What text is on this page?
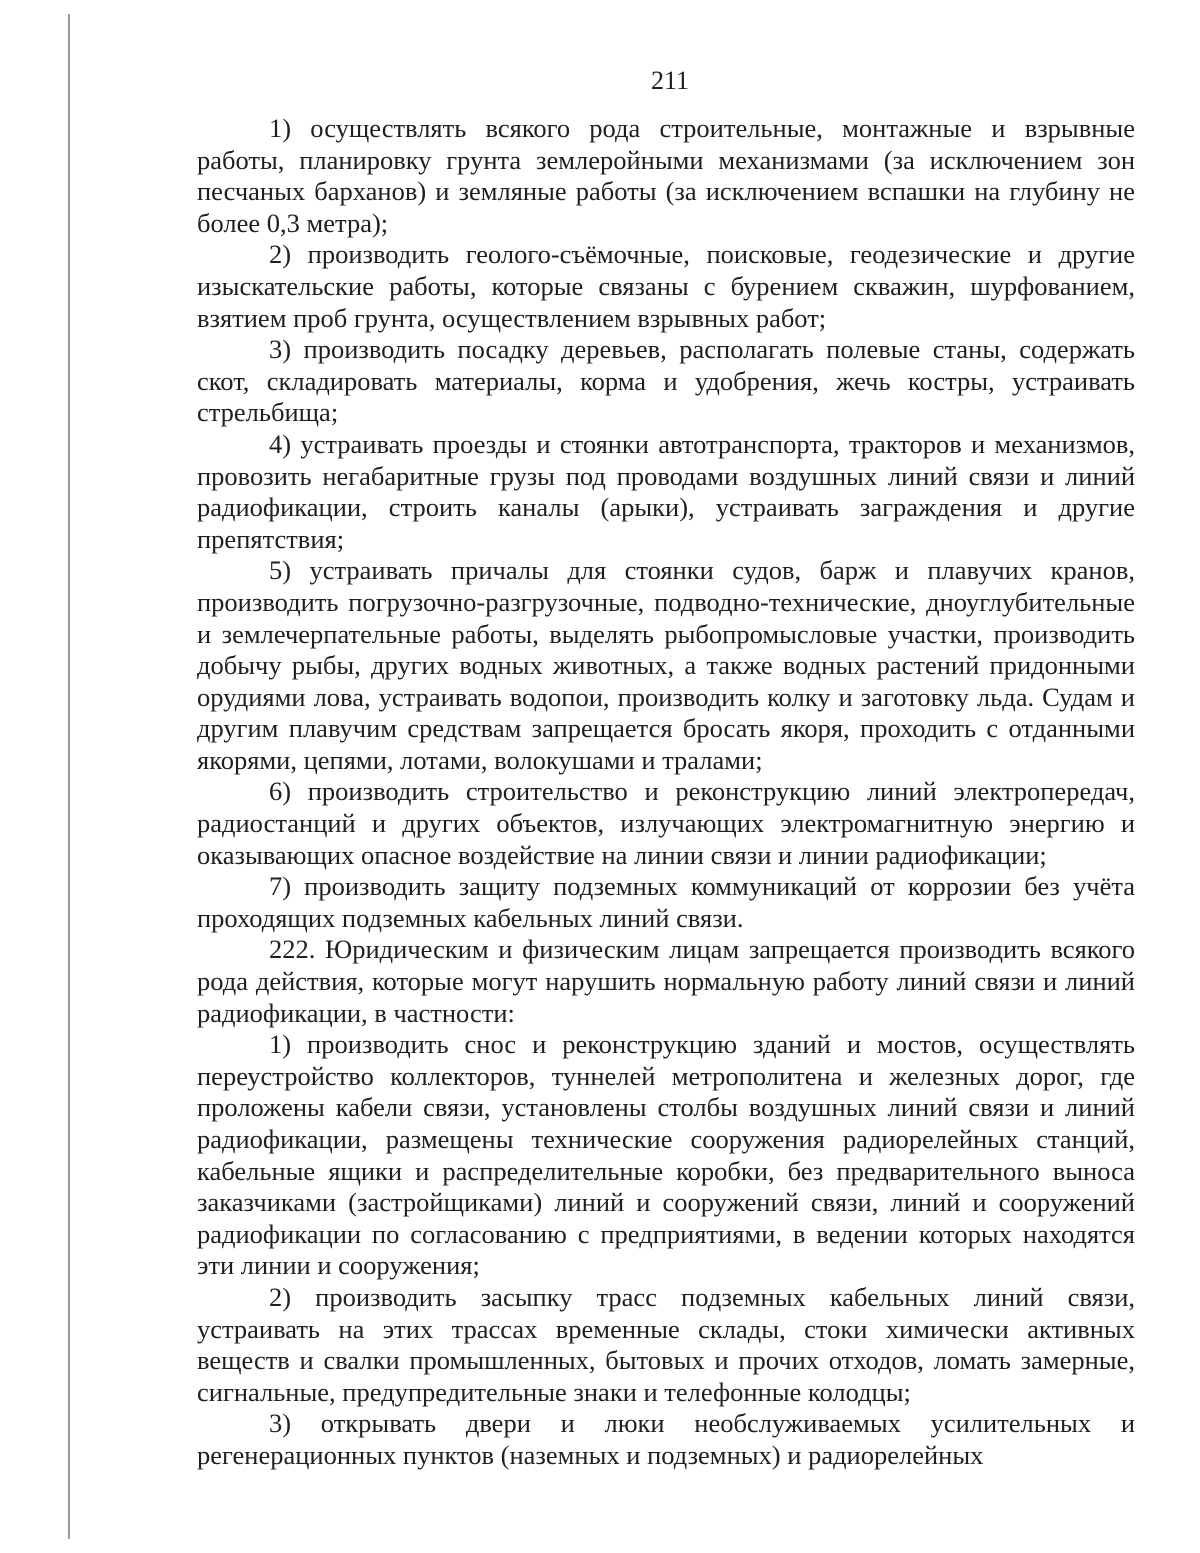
211

1) осуществлять всякого рода строительные, монтажные и взрывные работы, планировку грунта землеройными механизмами (за исключением зон песчаных барханов) и земляные работы (за исключением вспашки на глубину не более 0,3 метра);

2) производить геолого-съёмочные, поисковые, геодезические и другие изыскательские работы, которые связаны с бурением скважин, шурфованием, взятием проб грунта, осуществлением взрывных работ;

3) производить посадку деревьев, располагать полевые станы, содержать скот, складировать материалы, корма и удобрения, жечь костры, устраивать стрельбища;

4) устраивать проезды и стоянки автотранспорта, тракторов и механизмов, провозить негабаритные грузы под проводами воздушных линий связи и линий радиофикации, строить каналы (арыки), устраивать заграждения и другие препятствия;

5) устраивать причалы для стоянки судов, барж и плавучих кранов, производить погрузочно-разгрузочные, подводно-технические, дноуглубительные и землечерпательные работы, выделять рыбопромысловые участки, производить добычу рыбы, других водных животных, а также водных растений придонными орудиями лова, устраивать водопои, производить колку и заготовку льда. Судам и другим плавучим средствам запрещается бросать якоря, проходить с отданными якорями, цепями, лотами, волокушами и тралами;

6) производить строительство и реконструкцию линий электропередач, радиостанций и других объектов, излучающих электромагнитную энергию и оказывающих опасное воздействие на линии связи и линии радиофикации;

7) производить защиту подземных коммуникаций от коррозии без учёта проходящих подземных кабельных линий связи.

222. Юридическим и физическим лицам запрещается производить всякого рода действия, которые могут нарушить нормальную работу линий связи и линий радиофикации, в частности:

1) производить снос и реконструкцию зданий и мостов, осуществлять переустройство коллекторов, туннелей метрополитена и железных дорог, где проложены кабели связи, установлены столбы воздушных линий связи и линий радиофикации, размещены технические сооружения радиорелейных станций, кабельные ящики и распределительные коробки, без предварительного выноса заказчиками (застройщиками) линий и сооружений связи, линий и сооружений радиофикации по согласованию с предприятиями, в ведении которых находятся эти линии и сооружения;

2) производить засыпку трасс подземных кабельных линий связи, устраивать на этих трассах временные склады, стоки химически активных веществ и свалки промышленных, бытовых и прочих отходов, ломать замерные, сигнальные, предупредительные знаки и телефонные колодцы;

3) открывать двери и люки необслуживаемых усилительных и регенерационных пунктов (наземных и подземных) и радиорелейных
